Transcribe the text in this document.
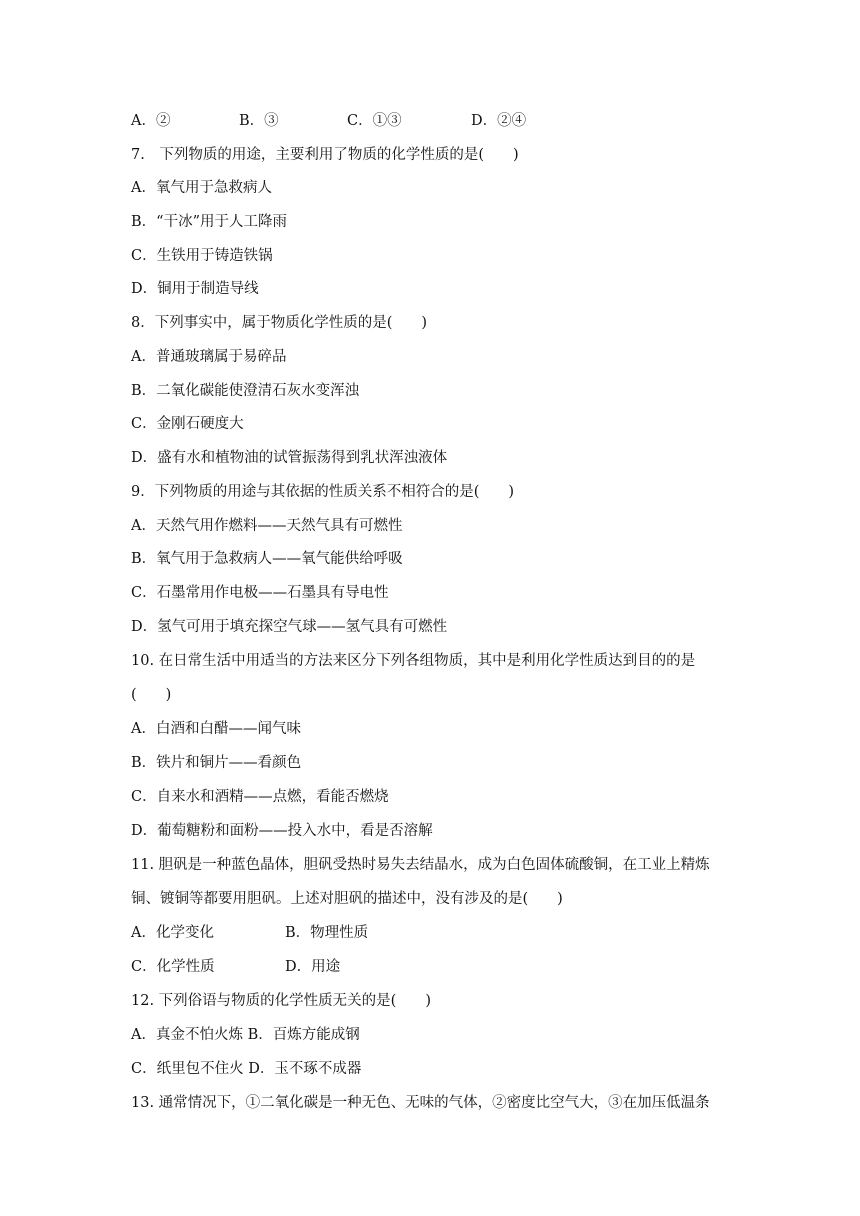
A．②	B．③	C．①③	D．②④
7.　下列物质的用途，主要利用了物质的化学性质的是(　　)
A．氧气用于急救病人
B．“干冰”用于人工降雨
C．生铁用于铸造铁锅
D．铜用于制造导线
8．下列事实中，属于物质化学性质的是(　　)
A．普通玻璃属于易碎品
B．二氧化碳能使澄清石灰水变浑浊
C．金刚石硬度大
D．盛有水和植物油的试管振荡得到乳状浑浊液体
9．下列物质的用途与其依据的性质关系不相符合的是(　　)
A．天然气用作燃料——天然气具有可燃性
B．氧气用于急救病人——氧气能供给呼吸
C．石墨常用作电极——石墨具有导电性
D．氢气可用于填充探空气球——氢气具有可燃性
10. 在日常生活中用适当的方法来区分下列各组物质，其中是利用化学性质达到目的的是
(　　)
A．白酒和白醋——闻气味
B．铁片和铜片——看颜色
C．自来水和酒精——点燃，看能否燃烧
D．葡萄糖粉和面粉——投入水中，看是否溶解
11. 胆矾是一种蓝色晶体，胆矾受热时易失去结晶水，成为白色固体硫酸铜，在工业上精炼
铜、镀铜等都要用胆矾。上述对胆矾的描述中，没有涉及的是(　　)
A．化学变化	B．物理性质
C．化学性质	D．用途
12. 下列俗语与物质的化学性质无关的是(　　)
A．真金不怕火炼 B．百炼方能成钢
C．纸里包不住火 D．玉不琢不成器
13. 通常情况下，①二氧化碳是一种无色、无味的气体，②密度比空气大，③在加压低温条
